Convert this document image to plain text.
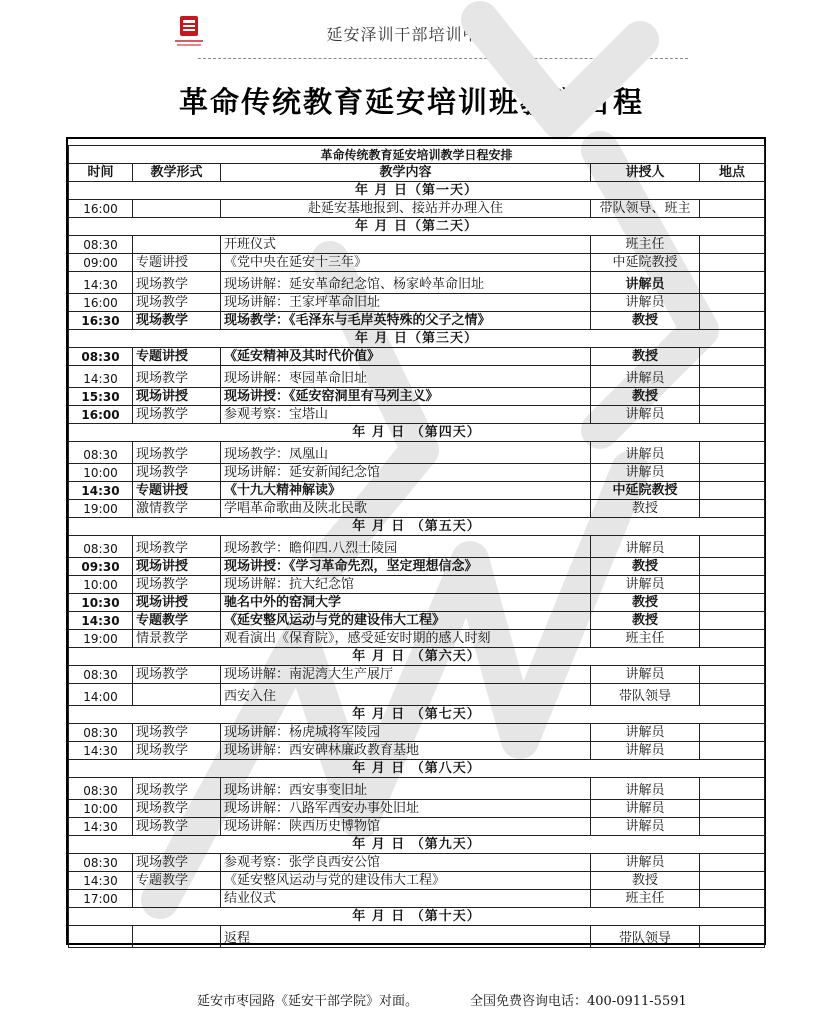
延安泽训干部培训中心
革命传统教育延安培训班教学日程
革命传统教育延安培训教学日程安排				
时间	教学形式	教学内容	讲授人	地点
年 月 日（第一天）				
16:00		赴延安基地报到、接站并办理入住	带队领导、班主	
年 月 日（第二天）				
08:30		开班仪式	班主任	
09:00	专题讲授	《党中央在延安十三年》	中延院教授	
14:30	现场教学	现场讲解：延安革命纪念馆、杨家岭革命旧址	讲解员	
16:00	现场教学	现场讲解：王家坪革命旧址	讲解员	
16:30	现场教学	现场教学：《毛泽东与毛岸英特殊的父子之情》	教授	
年 月 日（第三天）				
08:30	专题讲授	《延安精神及其时代价值》	教授	
14:30	现场教学	现场讲解：枣园革命旧址	讲解员	
15:30	现场讲授	现场讲授：《延安窑洞里有马列主义》	教授	
16:00	现场教学	参观考察：宝塔山	讲解员	
年 月 日 （第四天）				
08:30	现场教学	现场教学：凤凰山	讲解员	
10:00	现场教学	现场讲解：延安新闻纪念馆	讲解员	
14:30	专题讲授	《十九大精神解读》	中延院教授	
19:00	激情教学	学唱革命歌曲及陕北民歌	教授	
年 月 日 （第五天）				
08:30	现场教学	现场教学：瞻仰四.八烈士陵园	讲解员	
09:30	现场讲授	现场讲授：《学习革命先烈，坚定理想信念》	教授	
10:00	现场教学	现场讲解：抗大纪念馆	讲解员	
10:30	现场讲授	驰名中外的窑洞大学	教授	
14:30	专题教学	《延安整风运动与党的建设伟大工程》	教授	
19:00	情景教学	观看演出《保育院》，感受延安时期的感人时刻	班主任	
年 月 日 （第六天）				
08:30	现场教学	现场讲解：南泥湾大生产展厅	讲解员	
14:00		西安入住	带队领导	
年 月 日 （第七天）				
08:30	现场教学	现场讲解：杨虎城将军陵园	讲解员	
14:30	现场教学	现场讲解：西安碑林廉政教育基地	讲解员	
年 月 日 （第八天）				
08:30	现场教学	现场讲解：西安事变旧址	讲解员	
10:00	现场教学	现场讲解：八路军西安办事处旧址	讲解员	
14:30	现场教学	现场讲解：陕西历史博物馆	讲解员	
年 月 日 （第九天）				
08:30	现场教学	参观考察：张学良西安公馆	讲解员	
14:30	专题教学	《延安整风运动与党的建设伟大工程》	教授	
17:00		结业仪式	班主任	
年 月 日 （第十天）				
		返程	带队领导	
延安市枣园路《延安干部学院》对面。	全国免费咨询电话：400-0911-5591
